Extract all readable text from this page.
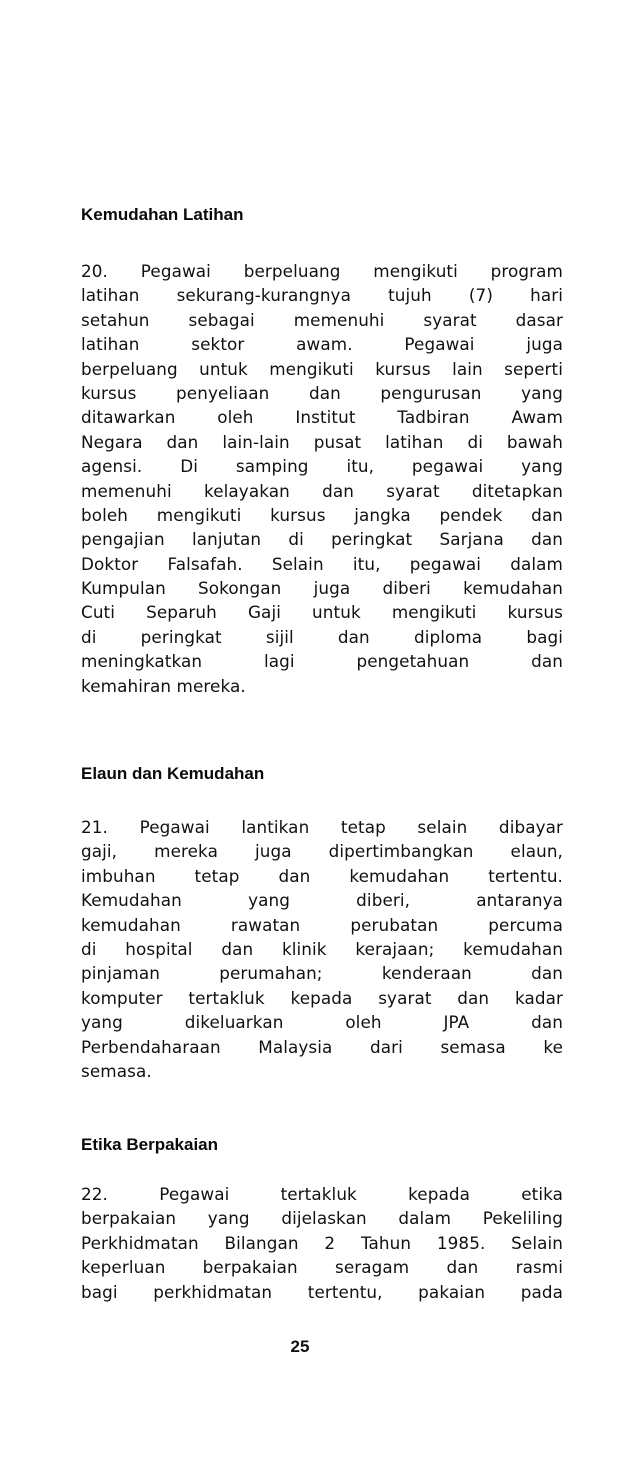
Kemudahan Latihan
20. Pegawai berpeluang mengikuti program
latihan sekurang-kurangnya tujuh (7) hari
setahun sebagai memenuhi syarat dasar
latihan sektor awam. Pegawai juga
berpeluang untuk mengikuti kursus lain seperti
kursus penyeliaan dan pengurusan yang
ditawarkan oleh Institut Tadbiran Awam
Negara dan lain-lain pusat latihan di bawah
agensi. Di samping itu, pegawai yang
memenuhi kelayakan dan syarat ditetapkan
boleh mengikuti kursus jangka pendek dan
pengajian lanjutan di peringkat Sarjana dan
Doktor Falsafah. Selain itu, pegawai dalam
Kumpulan Sokongan juga diberi kemudahan
Cuti Separuh Gaji untuk mengikuti kursus
di peringkat sijil dan diploma bagi
meningkatkan lagi pengetahuan dan
kemahiran mereka.
Elaun dan Kemudahan
21. Pegawai lantikan tetap selain dibayar
gaji, mereka juga dipertimbangkan elaun,
imbuhan tetap dan kemudahan tertentu.
Kemudahan yang diberi, antaranya
kemudahan rawatan perubatan percuma
di hospital dan klinik kerajaan; kemudahan
pinjaman perumahan; kenderaan dan
komputer tertakluk kepada syarat dan kadar
yang dikeluarkan oleh JPA dan
Perbendaharaan Malaysia dari semasa ke
semasa.
Etika Berpakaian
22. Pegawai tertakluk kepada etika
berpakaian yang dijelaskan dalam Pekeliling
Perkhidmatan Bilangan 2 Tahun 1985. Selain
keperluan berpakaian seragam dan rasmi
bagi perkhidmatan tertentu, pakaian pada
25
